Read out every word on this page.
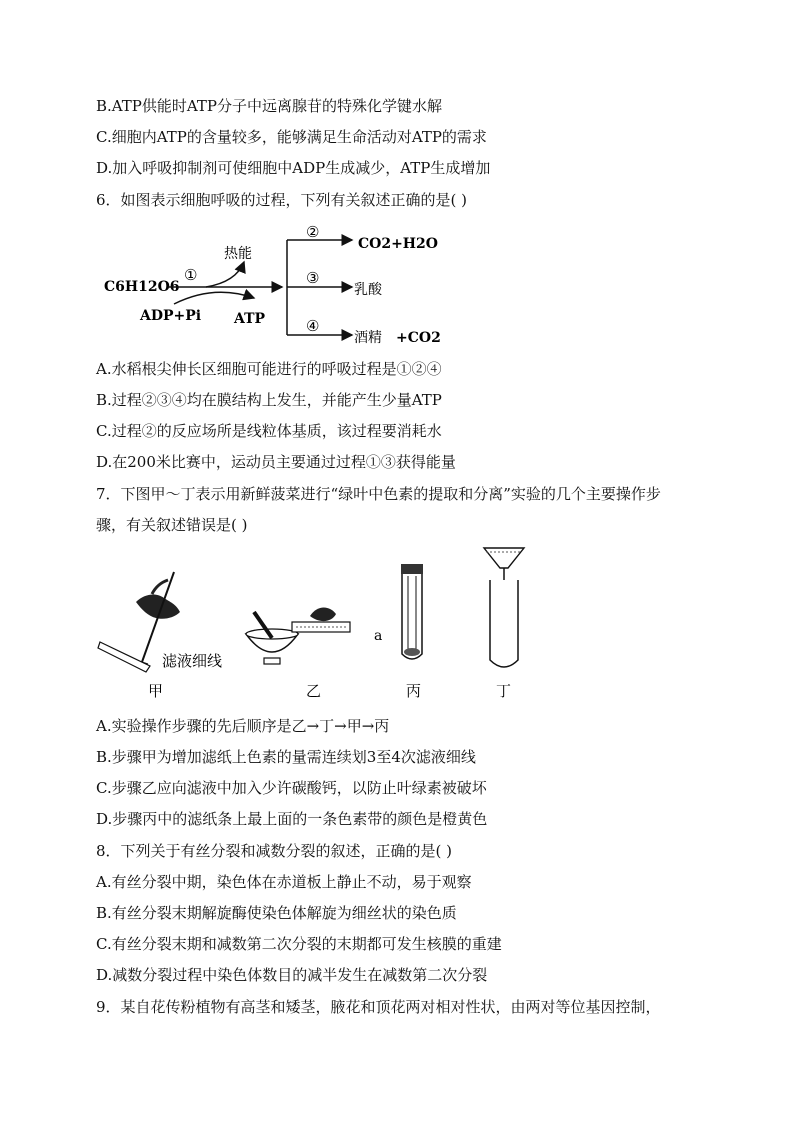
B.ATP供能时ATP分子中远离腺苷的特殊化学键水解
C.细胞内ATP的含量较多，能够满足生命活动对ATP的需求
D.加入呼吸抑制剂可使细胞中ADP生成减少，ATP生成增加
6．如图表示细胞呼吸的过程，下列有关叙述正确的是( )
C6H12O6
①
热能
ADP+Pi ATP
②
③
④
CO2+H2O
乳酸
酒精 +CO2
A.水稻根尖伸长区细胞可能进行的呼吸过程是①②④
B.过程②③④均在膜结构上发生，并能产生少量ATP
C.过程②的反应场所是线粒体基质，该过程要消耗水
D.在200米比赛中，运动员主要通过过程①③获得能量
7．下图甲～丁表示用新鲜菠菜进行“绿叶中色素的提取和分离”实验的几个主要操作步
骤，有关叙述错误是( )
滤液细线
甲	乙
a
丙	丁
A.实验操作步骤的先后顺序是乙→丁→甲→丙
B.步骤甲为增加滤纸上色素的量需连续划3至4次滤液细线
C.步骤乙应向滤液中加入少许碳酸钙，以防止叶绿素被破坏
D.步骤丙中的滤纸条上最上面的一条色素带的颜色是橙黄色
8．下列关于有丝分裂和减数分裂的叙述，正确的是( )
A.有丝分裂中期，染色体在赤道板上静止不动，易于观察
B.有丝分裂末期解旋酶使染色体解旋为细丝状的染色质
C.有丝分裂末期和减数第二次分裂的末期都可发生核膜的重建
D.减数分裂过程中染色体数目的减半发生在减数第二次分裂
9．某自花传粉植物有高茎和矮茎，腋花和顶花两对相对性状，由两对等位基因控制，
